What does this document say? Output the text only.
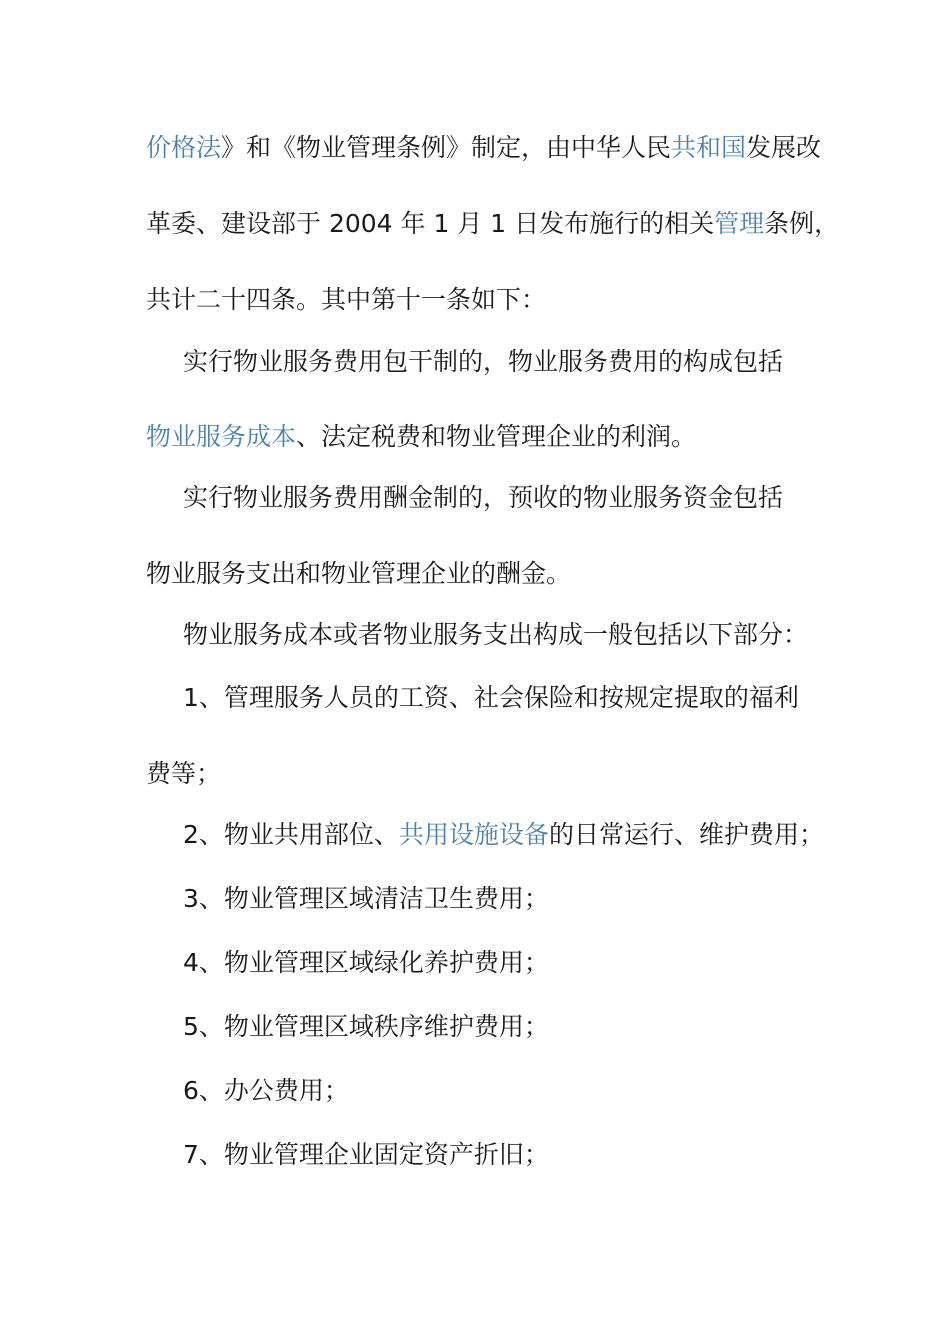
价格法》和《物业管理条例》制定，由中华人民共和国发展改
革委、建设部于 2004 年 1 月 1 日发布施行的相关管理条例，
共计二十四条。其中第十一条如下：
实行物业服务费用包干制的，物业服务费用的构成包括
物业服务成本、法定税费和物业管理企业的利润。
实行物业服务费用酬金制的，预收的物业服务资金包括
物业服务支出和物业管理企业的酬金。
物业服务成本或者物业服务支出构成一般包括以下部分：
1、管理服务人员的工资、社会保险和按规定提取的福利
费等；
2、物业共用部位、共用设施设备的日常运行、维护费用；
3、物业管理区域清洁卫生费用；
4、物业管理区域绿化养护费用；
5、物业管理区域秩序维护费用；
6、办公费用；
7、物业管理企业固定资产折旧；
